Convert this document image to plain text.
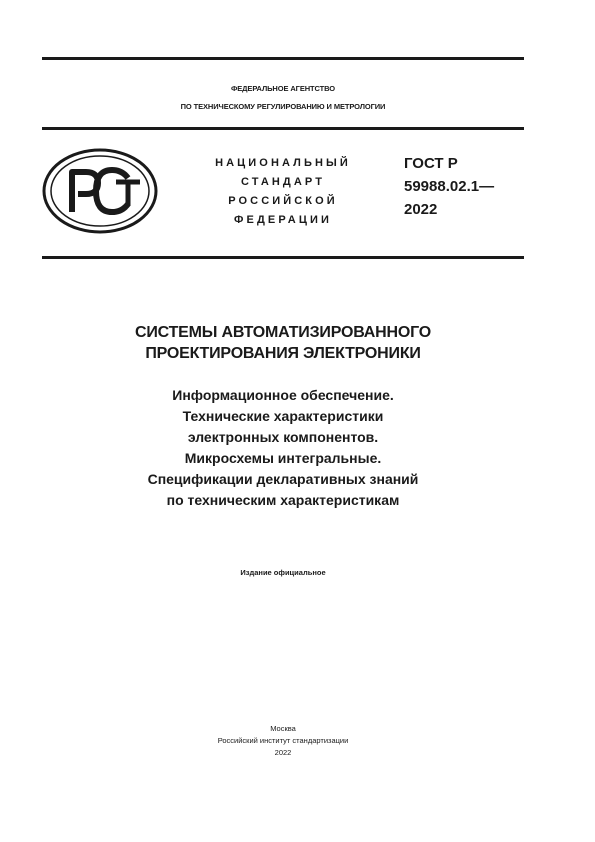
ФЕДЕРАЛЬНОЕ АГЕНТСТВО
ПО ТЕХНИЧЕСКОМУ РЕГУЛИРОВАНИЮ И МЕТРОЛОГИИ
НАЦИОНАЛЬНЫЙ
СТАНДАРТ
РОССИЙСКОЙ
ФЕДЕРАЦИИ
ГОСТ Р
59988.02.1—
2022
СИСТЕМЫ АВТОМАТИЗИРОВАННОГО
ПРОЕКТИРОВАНИЯ ЭЛЕКТРОНИКИ
Информационное обеспечение.
Технические характеристики
электронных компонентов.
Микросхемы интегральные.
Спецификации декларативных знаний
по техническим характеристикам
Издание официальное
Москва
Российский институт стандартизации
2022
